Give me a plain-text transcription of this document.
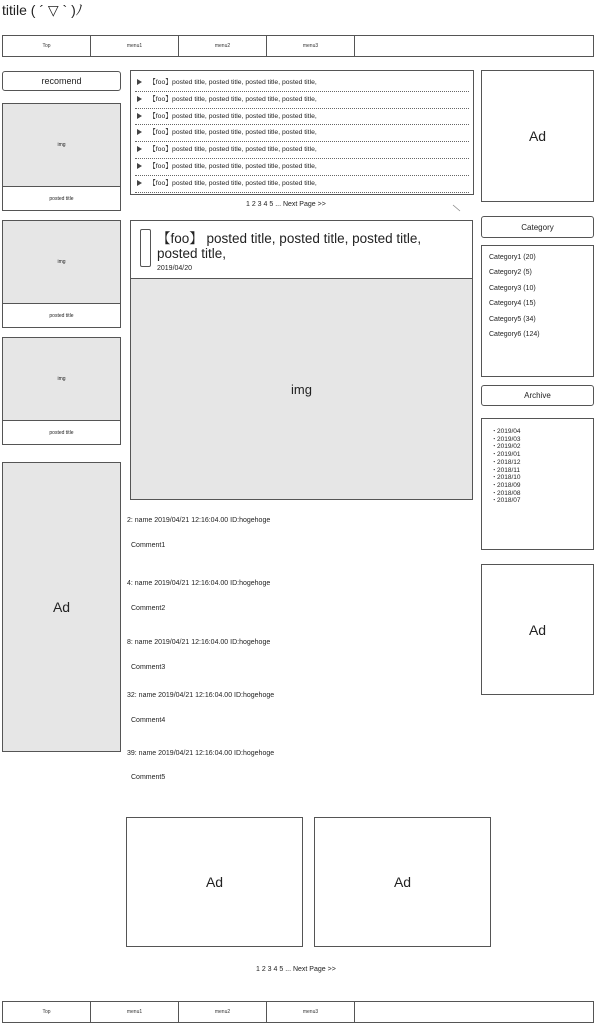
titile ( ´ ▽ ` )ﾉ
Top	menu1	menu2	menu3
recomend
img
posted title
img
posted title
img
posted title
Ad
【foo】posted title, posted title, posted title, posted title,
【foo】posted title, posted title, posted title, posted title,
【foo】posted title, posted title, posted title, posted title,
【foo】posted title, posted title, posted title, posted title,
【foo】posted title, posted title, posted title, posted title,
【foo】posted title, posted title, posted title, posted title,
【foo】posted title, posted title, posted title, posted title,
1 2 3 4 5 ... Next Page >>
【foo】 posted title, posted title, posted title, posted title,
2019/04/20
img
2: name 2019/04/21 12:16:04.00 ID:hogehoge
Comment1
4: name 2019/04/21 12:16:04.00 ID:hogehoge
Comment2
8: name 2019/04/21 12:16:04.00 ID:hogehoge
Comment3
32: name 2019/04/21 12:16:04.00 ID:hogehoge
Comment4
39: name 2019/04/21 12:16:04.00 ID:hogehoge
Comment5
Ad	Ad
1 2 3 4 5 ... Next Page >>
Ad
Category
Category1 (20)
Category2 (5)
Category3 (10)
Category4 (15)
Category5 (34)
Category6 (124)
Archive
・2019/04
・2019/03
・2019/02
・2019/01
・2018/12
・2018/11
・2018/10
・2018/09
・2018/08
・2018/07
Ad
Top	menu1	menu2	menu3
